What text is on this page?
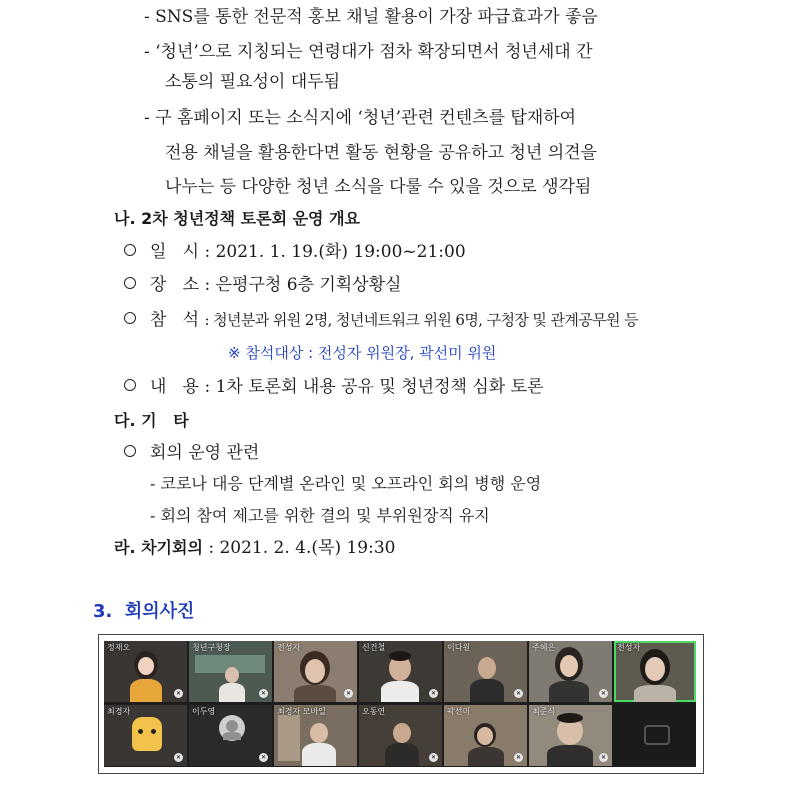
- SNS를 통한 전문적 홍보 채널 활용이 가장 파급효과가 좋음
- ‘청년’으로 지칭되는 연령대가 점차 확장되면서 청년세대 간
소통의 필요성이 대두됨
- 구 홈페이지 또는 소식지에 ‘청년’관련 컨텐츠를 탑재하여
전용 채널을 활용한다면 활동 현황을 공유하고 청년 의견을
나누는 등 다양한 청년 소식을 다룰 수 있을 것으로 생각됨
나. 2차 청년정책 토론회 운영 개요
일   시 : 2021. 1. 19.(화) 19:00~21:00
장   소 : 은평구청 6층 기획상황실
참   석 : 청년분과 위원 2명, 청년네트워크 위원 6명, 구청장 및 관계공무원 등
※ 참석대상 : 전성자 위원장, 곽선미 위원
내   용 : 1차 토론회 내용 공유 및 청년정책 심화 토론
다. 기   타
회의 운영 관련
- 코로나 대응 단계별 온라인 및 오프라인 회의 병행 운영
- 회의 참여 제고를 위한 결의 및 부위원장직 유지
라. 차기회의 : 2021. 2. 4.(목) 19:30
3.  회의사진
정재오
✕
청년구청장
✕
전성자
✕
신건철
✕
이다원
✕
주혜은
✕
전성자
최경자
✕
이두영
✕
최경자 모바일	오동연
✕
곽선미
✕
최준식
✕
